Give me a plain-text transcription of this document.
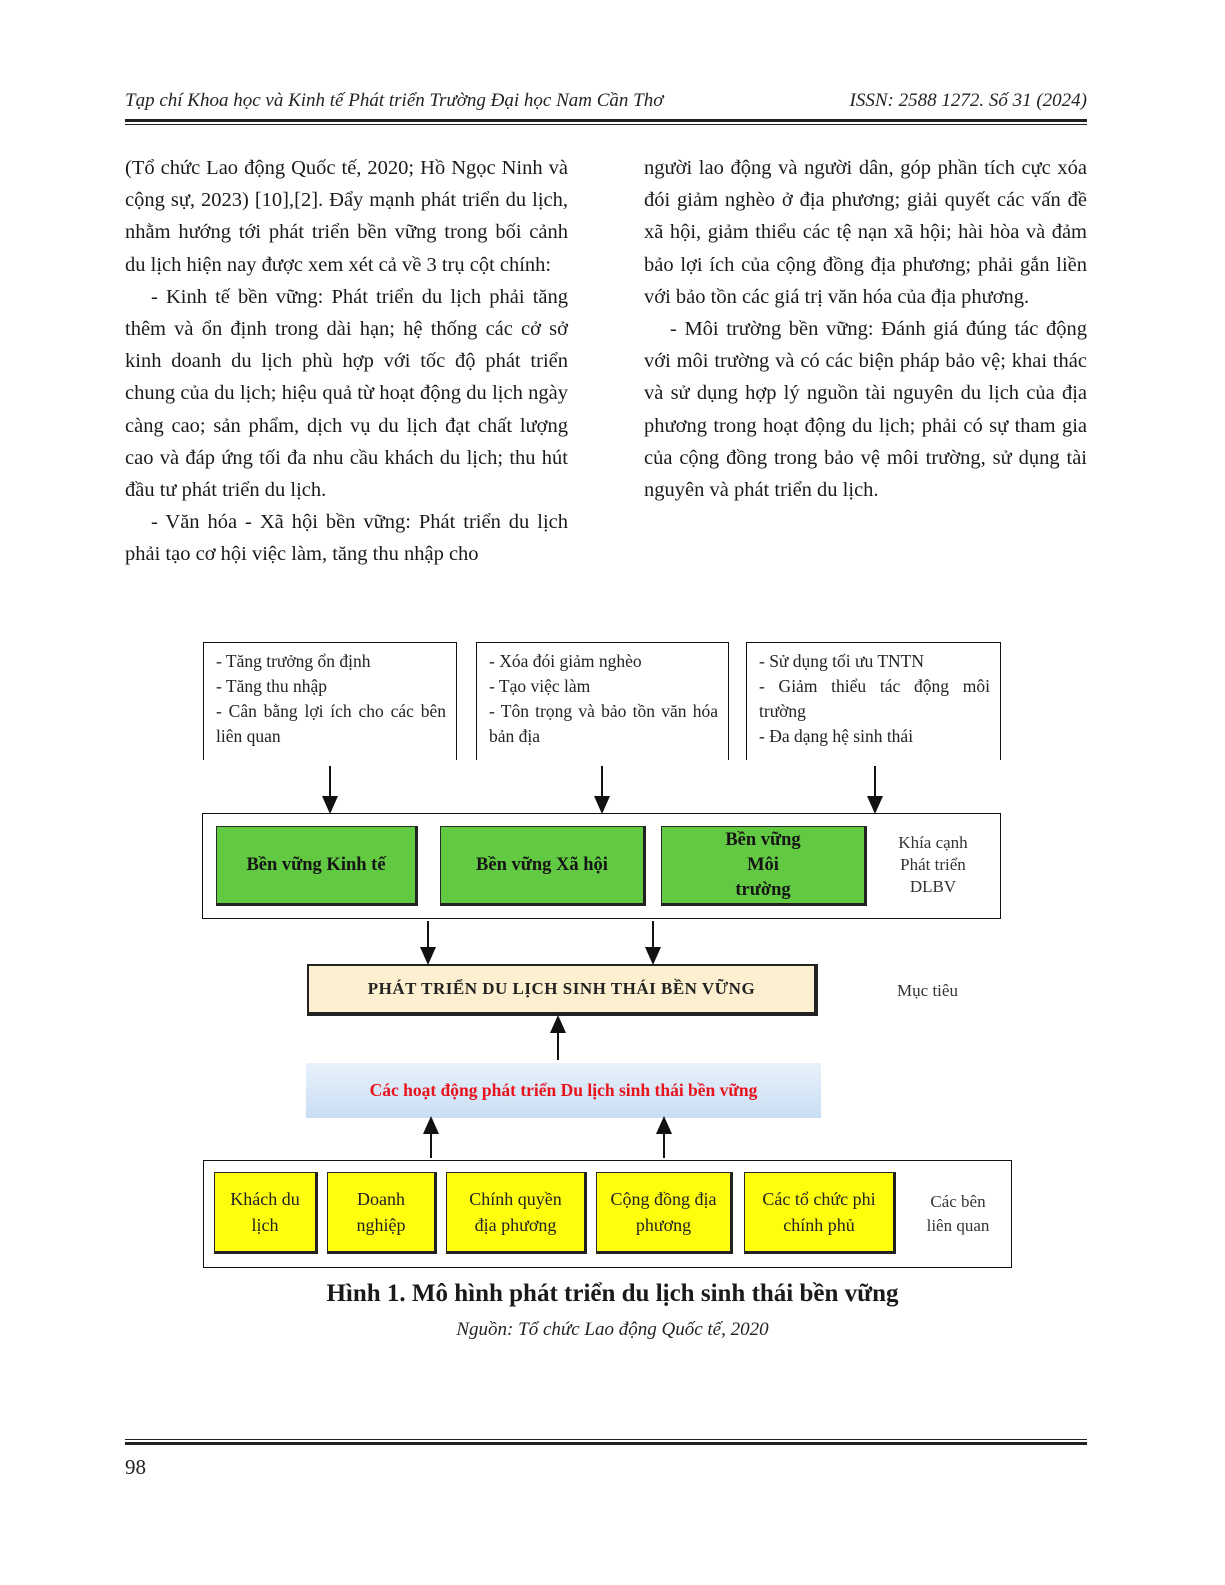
Tạp chí Khoa học và Kinh tế Phát triển Trường Đại học Nam Cần Thơ	ISSN: 2588 1272. Số 31 (2024)

(Tổ chức Lao động Quốc tế, 2020; Hồ Ngọc Ninh và cộng sự, 2023) [10],[2]. Đẩy mạnh phát triển du lịch, nhằm hướng tới phát triển bền vững trong bối cảnh du lịch hiện nay được xem xét cả về 3 trụ cột chính:

- Kinh tế bền vững: Phát triển du lịch phải tăng thêm và ổn định trong dài hạn; hệ thống các cở sở kinh doanh du lịch phù hợp với tốc độ phát triển chung của du lịch; hiệu quả từ hoạt động du lịch ngày càng cao; sản phẩm, dịch vụ du lịch đạt chất lượng cao và đáp ứng tối đa nhu cầu khách du lịch; thu hút đầu tư phát triển du lịch.

- Văn hóa - Xã hội bền vững: Phát triển du lịch phải tạo cơ hội việc làm, tăng thu nhập cho

người lao động và người dân, góp phần tích cực xóa đói giảm nghèo ở địa phương; giải quyết các vấn đề xã hội, giảm thiểu các tệ nạn xã hội; hài hòa và đảm bảo lợi ích của cộng đồng địa phương; phải gắn liền với bảo tồn các giá trị văn hóa của địa phương.

- Môi trường bền vững: Đánh giá đúng tác động với môi trường và có các biện pháp bảo vệ; khai thác và sử dụng hợp lý nguồn tài nguyên du lịch của địa phương trong hoạt động du lịch; phải có sự tham gia của cộng đồng trong bảo vệ môi trường, sử dụng tài nguyên và phát triển du lịch.

- Tăng trưởng ổn định
- Tăng thu nhập
- Cân bằng lợi ích cho các bên liên quan
- Xóa đói giảm nghèo
- Tạo việc làm
- Tôn trọng và bảo tồn văn hóa bản địa
- Sử dụng tối ưu TNTN
- Giảm thiểu tác động môi trường
- Đa dạng hệ sinh thái
Bền vững Kinh tế	Bền vững Xã hội
Bền vững Môi trường
Khía cạnh Phát triển DLBV
PHÁT TRIỂN DU LỊCH SINH THÁI BỀN VỮNG	Mục tiêu
Các hoạt động phát triển Du lịch sinh thái bền vững
Khách du lịch
Doanh nghiệp
Chính quyền địa phương
Cộng đồng địa phương
Các tổ chức phi chính phủ
Các bên liên quan
Hình 1. Mô hình phát triển du lịch sinh thái bền vững
Nguồn: Tổ chức Lao động Quốc tế, 2020
98
